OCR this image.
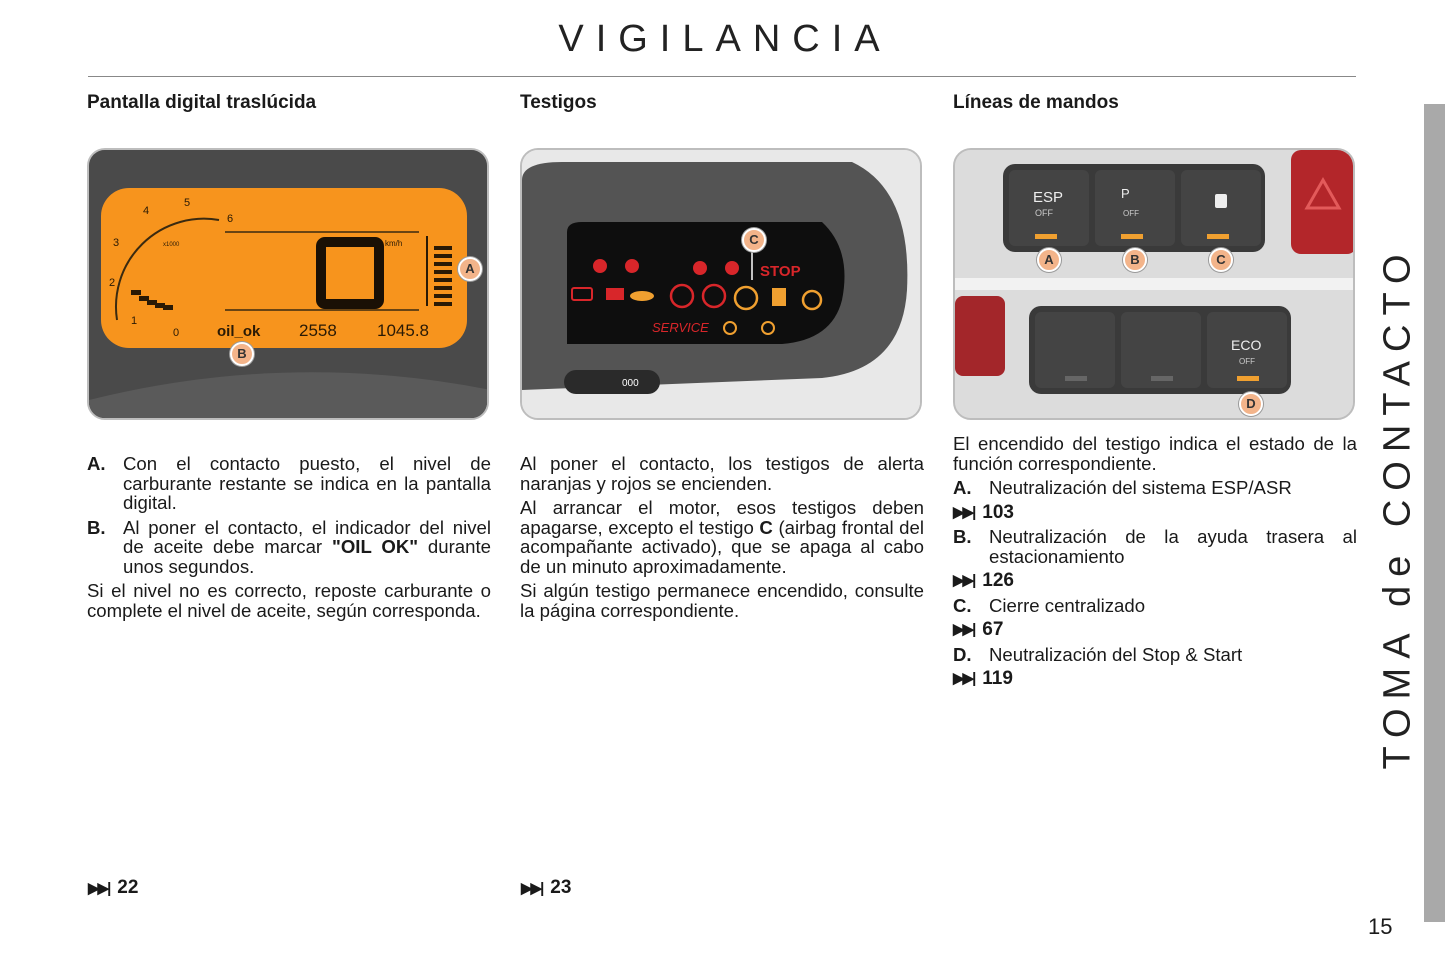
VIGILANCIA
Pantalla digital traslúcida	Testigos	Líneas de mandos
6
5
4
3
2
1
0
x1000	km/h
oil_ok 2558 1045.8
A
B
STOP
SERVICE
000
C
ESP
OFF
P
OFF
ECO
OFF
A	B	C
D
A. Con el contacto puesto, el nivel de carburante restante se indica en la pantalla digital.
B. Al poner el contacto, el indicador del nivel de aceite debe marcar "OIL OK" durante unos segundos.
Si el nivel no es correcto, reposte carburante o complete el nivel de aceite, según corresponda.
▶▶| 22
Al poner el contacto, los testigos de alerta naranjas y rojos se encienden.
Al arrancar el motor, esos testigos deben apagarse, excepto el testigo C (airbag frontal del acompañante activado), que se apaga al cabo de un minuto aproximadamente.
Si algún testigo permanece encendido, consulte la página correspondiente.
▶▶| 23
El encendido del testigo indica el estado de la función correspondiente.
A. Neutralización del sistema ESP/ASR
▶▶| 103
B. Neutralización de la ayuda trasera al estacionamiento
▶▶| 126
C. Cierre centralizado
▶▶| 67
D. Neutralización del Stop & Start
▶▶| 119	TOMA de CONTACTO
15
